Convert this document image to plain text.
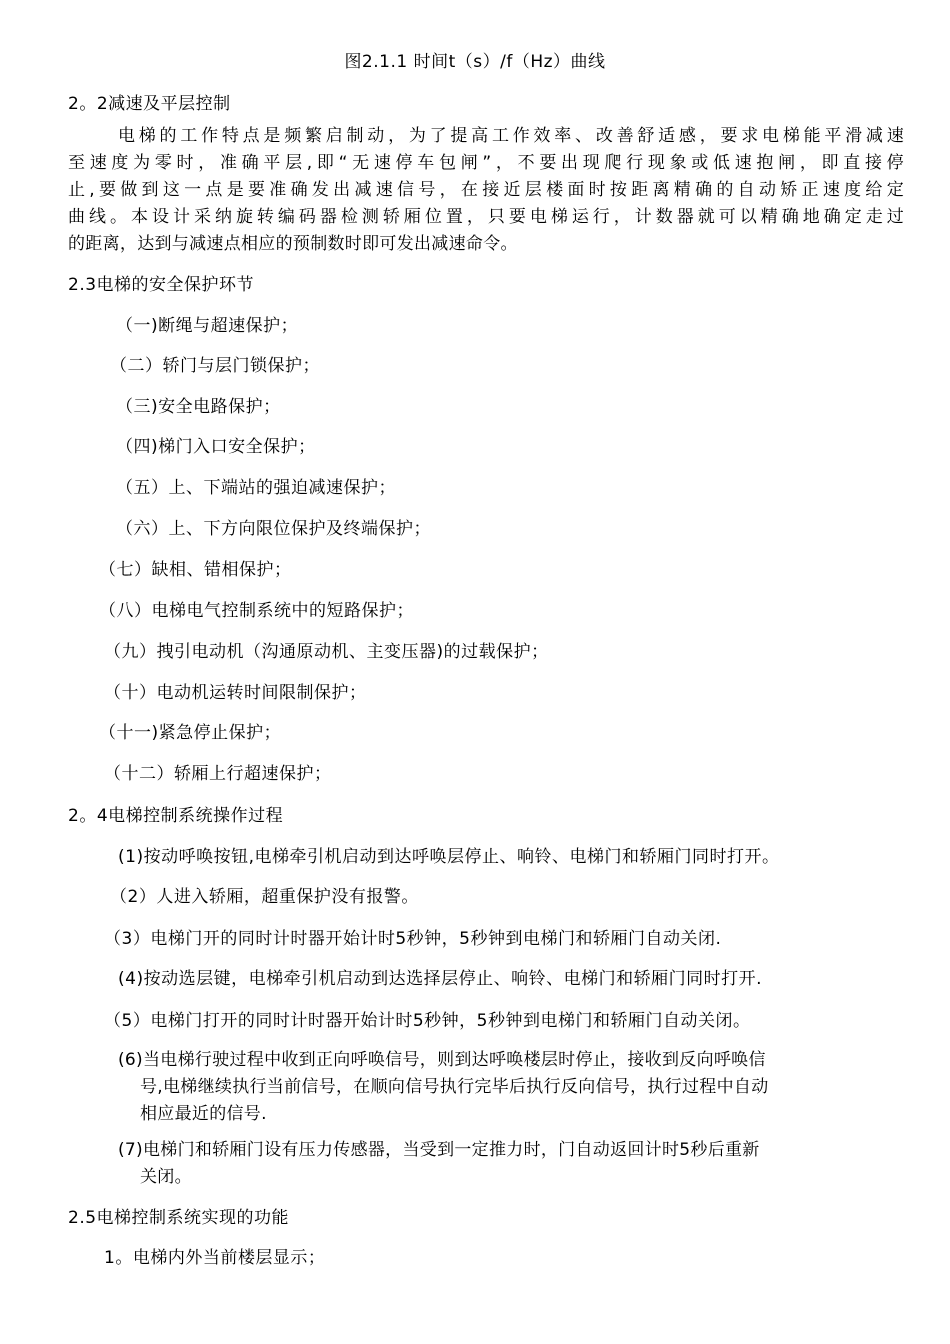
图2.1.1 时间t（s）/f（Hz）曲线
2。2减速及平层控制
电梯的工作特点是频繁启制动，为了提高工作效率、改善舒适感，要求电梯能平滑减速
至速度为零时，准确平层,即“无速停车包闸”，不要出现爬行现象或低速抱闸，即直接停
止,要做到这一点是要准确发出减速信号，在接近层楼面时按距离精确的自动矫正速度给定
曲线。本设计采纳旋转编码器检测轿厢位置，只要电梯运行，计数器就可以精确地确定走过
的距离，达到与减速点相应的预制数时即可发出减速命令。
2.3电梯的安全保护环节
（一)断绳与超速保护；
（二）轿门与层门锁保护；
（三)安全电路保护；
（四)梯门入口安全保护；
（五）上、下端站的强迫减速保护；
（六）上、下方向限位保护及终端保护；
（七）缺相、错相保护；
（八）电梯电气控制系统中的短路保护；
（九）拽引电动机（沟通原动机、主变压器)的过载保护；
（十）电动机运转时间限制保护；
（十一)紧急停止保护；
（十二）轿厢上行超速保护；
2。4电梯控制系统操作过程
(1)按动呼唤按钮,电梯牵引机启动到达呼唤层停止、响铃、电梯门和轿厢门同时打开。
（2）人进入轿厢，超重保护没有报警。
（3）电梯门开的同时计时器开始计时5秒钟，5秒钟到电梯门和轿厢门自动关闭.
(4)按动选层键，电梯牵引机启动到达选择层停止、响铃、电梯门和轿厢门同时打开.
（5）电梯门打开的同时计时器开始计时5秒钟，5秒钟到电梯门和轿厢门自动关闭。
(6)当电梯行驶过程中收到正向呼唤信号，则到达呼唤楼层时停止，接收到反向呼唤信
号,电梯继续执行当前信号，在顺向信号执行完毕后执行反向信号，执行过程中自动
相应最近的信号.
(7)电梯门和轿厢门设有压力传感器，当受到一定推力时，门自动返回计时5秒后重新
关闭。
2.5电梯控制系统实现的功能
1。电梯内外当前楼层显示；
